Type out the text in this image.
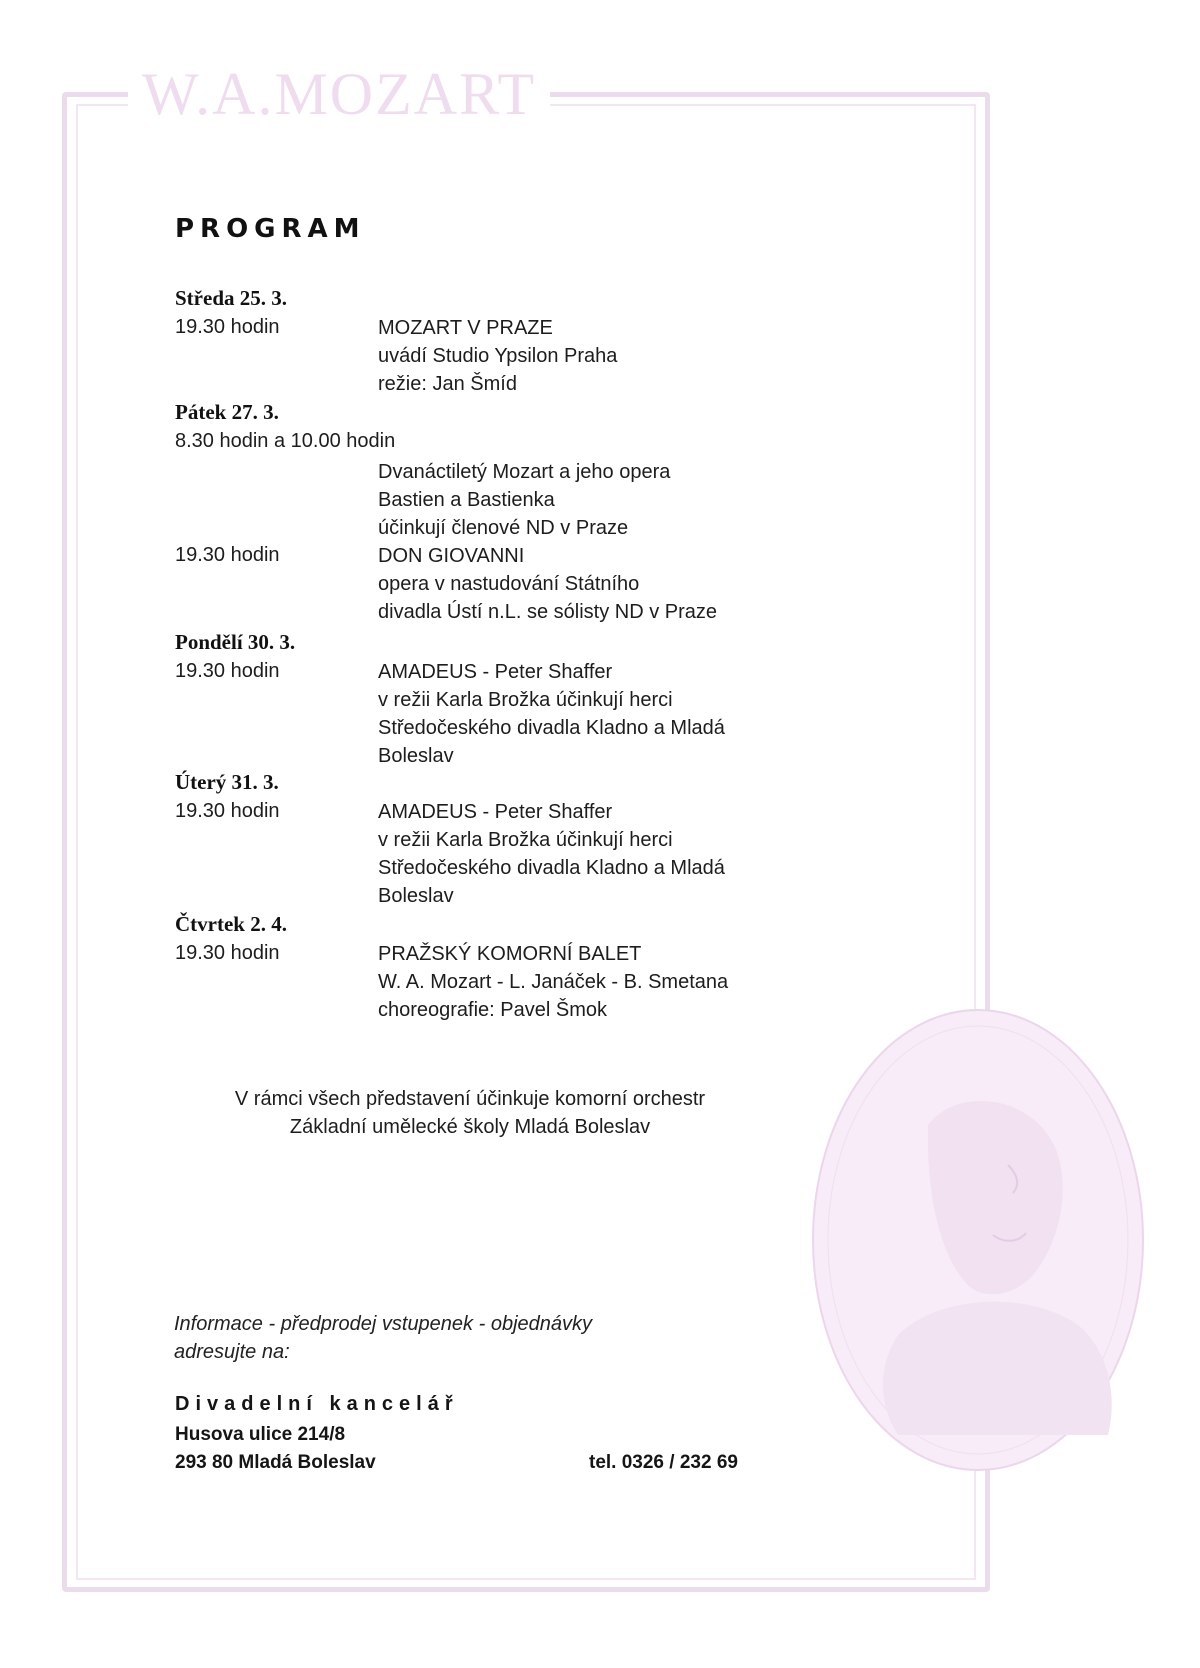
W.A.MOZART
PROGRAM
Středa 25. 3.
19.30 hodin	MOZART V PRAZE
uvádí Studio Ypsilon Praha
režie: Jan Šmíd
Pátek 27. 3.
8.30 hodin a 10.00 hodin
Dvanáctiletý Mozart a jeho opera
Bastien a Bastienka
účinkují členové ND v Praze
19.30 hodin	DON GIOVANNI
opera v nastudování Státního
divadla Ústí n.L. se sólisty ND v Praze
Pondělí 30. 3.
19.30 hodin	AMADEUS - Peter Shaffer
v režii Karla Brožka účinkují herci
Středočeského divadla Kladno a Mladá
Boleslav
Úterý 31. 3.
19.30 hodin	AMADEUS - Peter Shaffer
v režii Karla Brožka účinkují herci
Středočeského divadla Kladno a Mladá
Boleslav
Čtvrtek 2. 4.
19.30 hodin	PRAŽSKÝ KOMORNÍ BALET
W. A. Mozart - L. Janáček - B. Smetana
choreografie: Pavel Šmok
V rámci všech představení účinkuje komorní orchestr
Základní umělecké školy Mladá Boleslav
Informace - předprodej vstupenek - objednávky
adresujte na:
Divadelní kancelář
Husova ulice 214/8
293 80 Mladá Boleslav	tel. 0326 / 232 69
